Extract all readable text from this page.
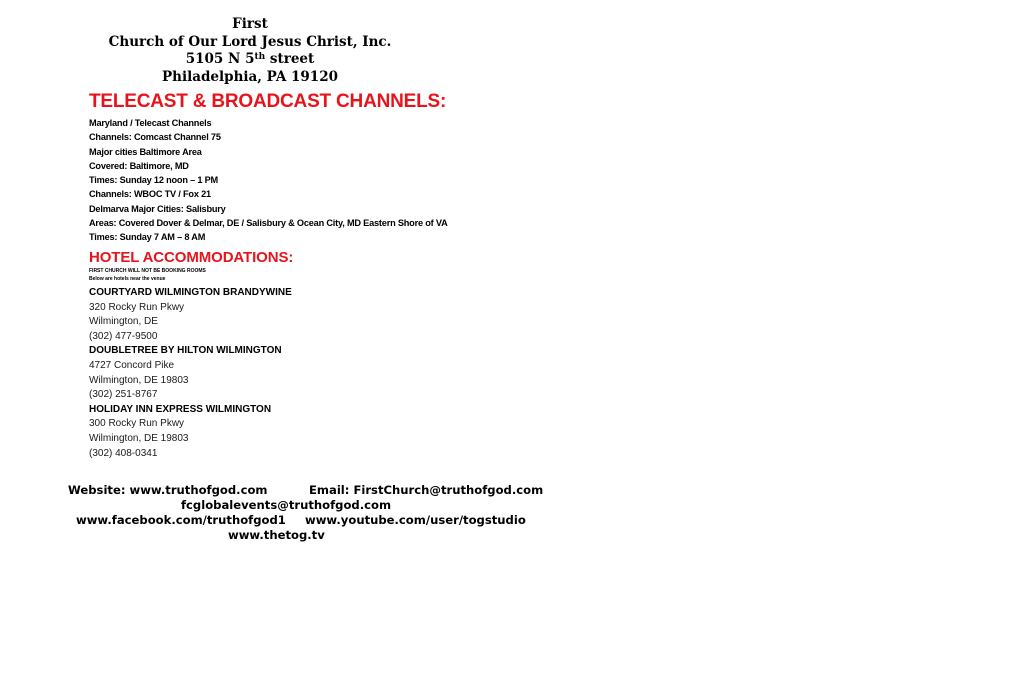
First
Church of Our Lord Jesus Christ, Inc.
5105 N 5th street
Philadelphia, PA 19120
TELECAST & BROADCAST CHANNELS:
Maryland / Telecast Channels
Channels: Comcast Channel 75
Major cities Baltimore Area
Covered: Baltimore, MD
Times: Sunday 12 noon – 1 PM
Channels: WBOC TV / Fox 21
Delmarva Major Cities: Salisbury
Areas: Covered Dover & Delmar, DE / Salisbury & Ocean City, MD Eastern Shore of VA
Times: Sunday 7 AM – 8 AM
HOTEL ACCOMMODATIONS:
FIRST CHURCH WILL NOT BE BOOKING ROOMS
Below are hotels near the venue
COURTYARD WILMINGTON BRANDYWINE
320 Rocky Run Pkwy
Wilmington, DE
(302) 477-9500
DOUBLETREE BY HILTON WILMINGTON
4727 Concord Pike
Wilmington, DE 19803
(302) 251-8767
HOLIDAY INN EXPRESS WILMINGTON
300 Rocky Run Pkwy
Wilmington, DE 19803
(302) 408-0341
Website: www.truthofgod.com	Email: FirstChurch@truthofgod.com
fcglobalevents@truthofgod.com
www.facebook.com/truthofgod1 www.youtube.com/user/togstudio
www.thetog.tv
